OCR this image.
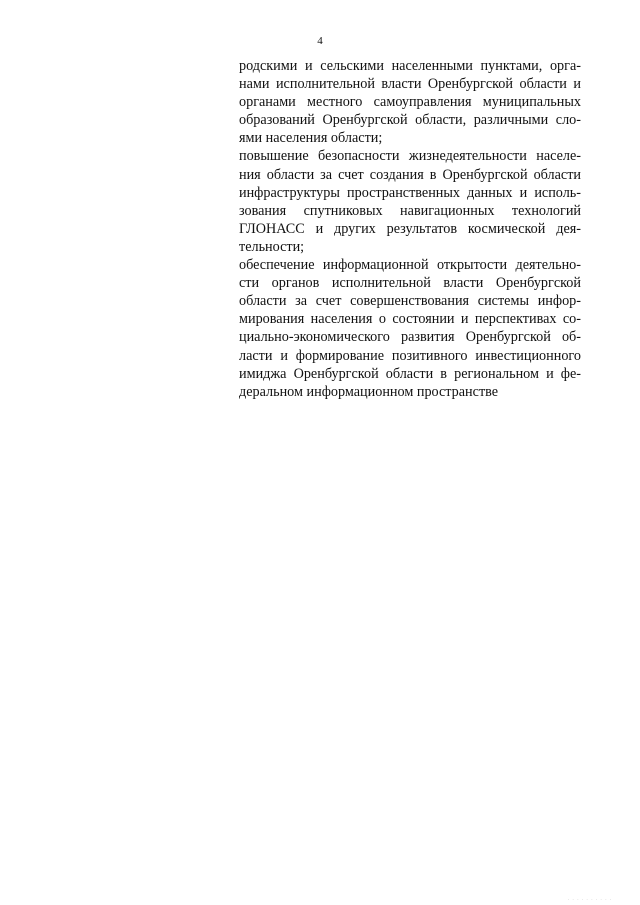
4
родскими и сельскими населенными пунктами, орга-
нами исполнительной власти Оренбургской области и
органами местного самоуправления муниципальных
образований Оренбургской области, различными сло-
ями населения области;
повышение безопасности жизнедеятельности населе-
ния области за счет создания в Оренбургской области
инфраструктуры пространственных данных и исполь-
зования спутниковых навигационных технологий
ГЛОНАСС и других результатов космической дея-
тельности;
обеспечение информационной открытости деятельно-
сти органов исполнительной власти Оренбургской
области за счет совершенствования системы инфор-
мирования населения о состоянии и перспективах со-
циально-экономического развития Оренбургской об-
ласти и формирование позитивного инвестиционного
имиджа Оренбургской области в региональном и фе-
деральном информационном пространстве
· · · · · · · · · ·
